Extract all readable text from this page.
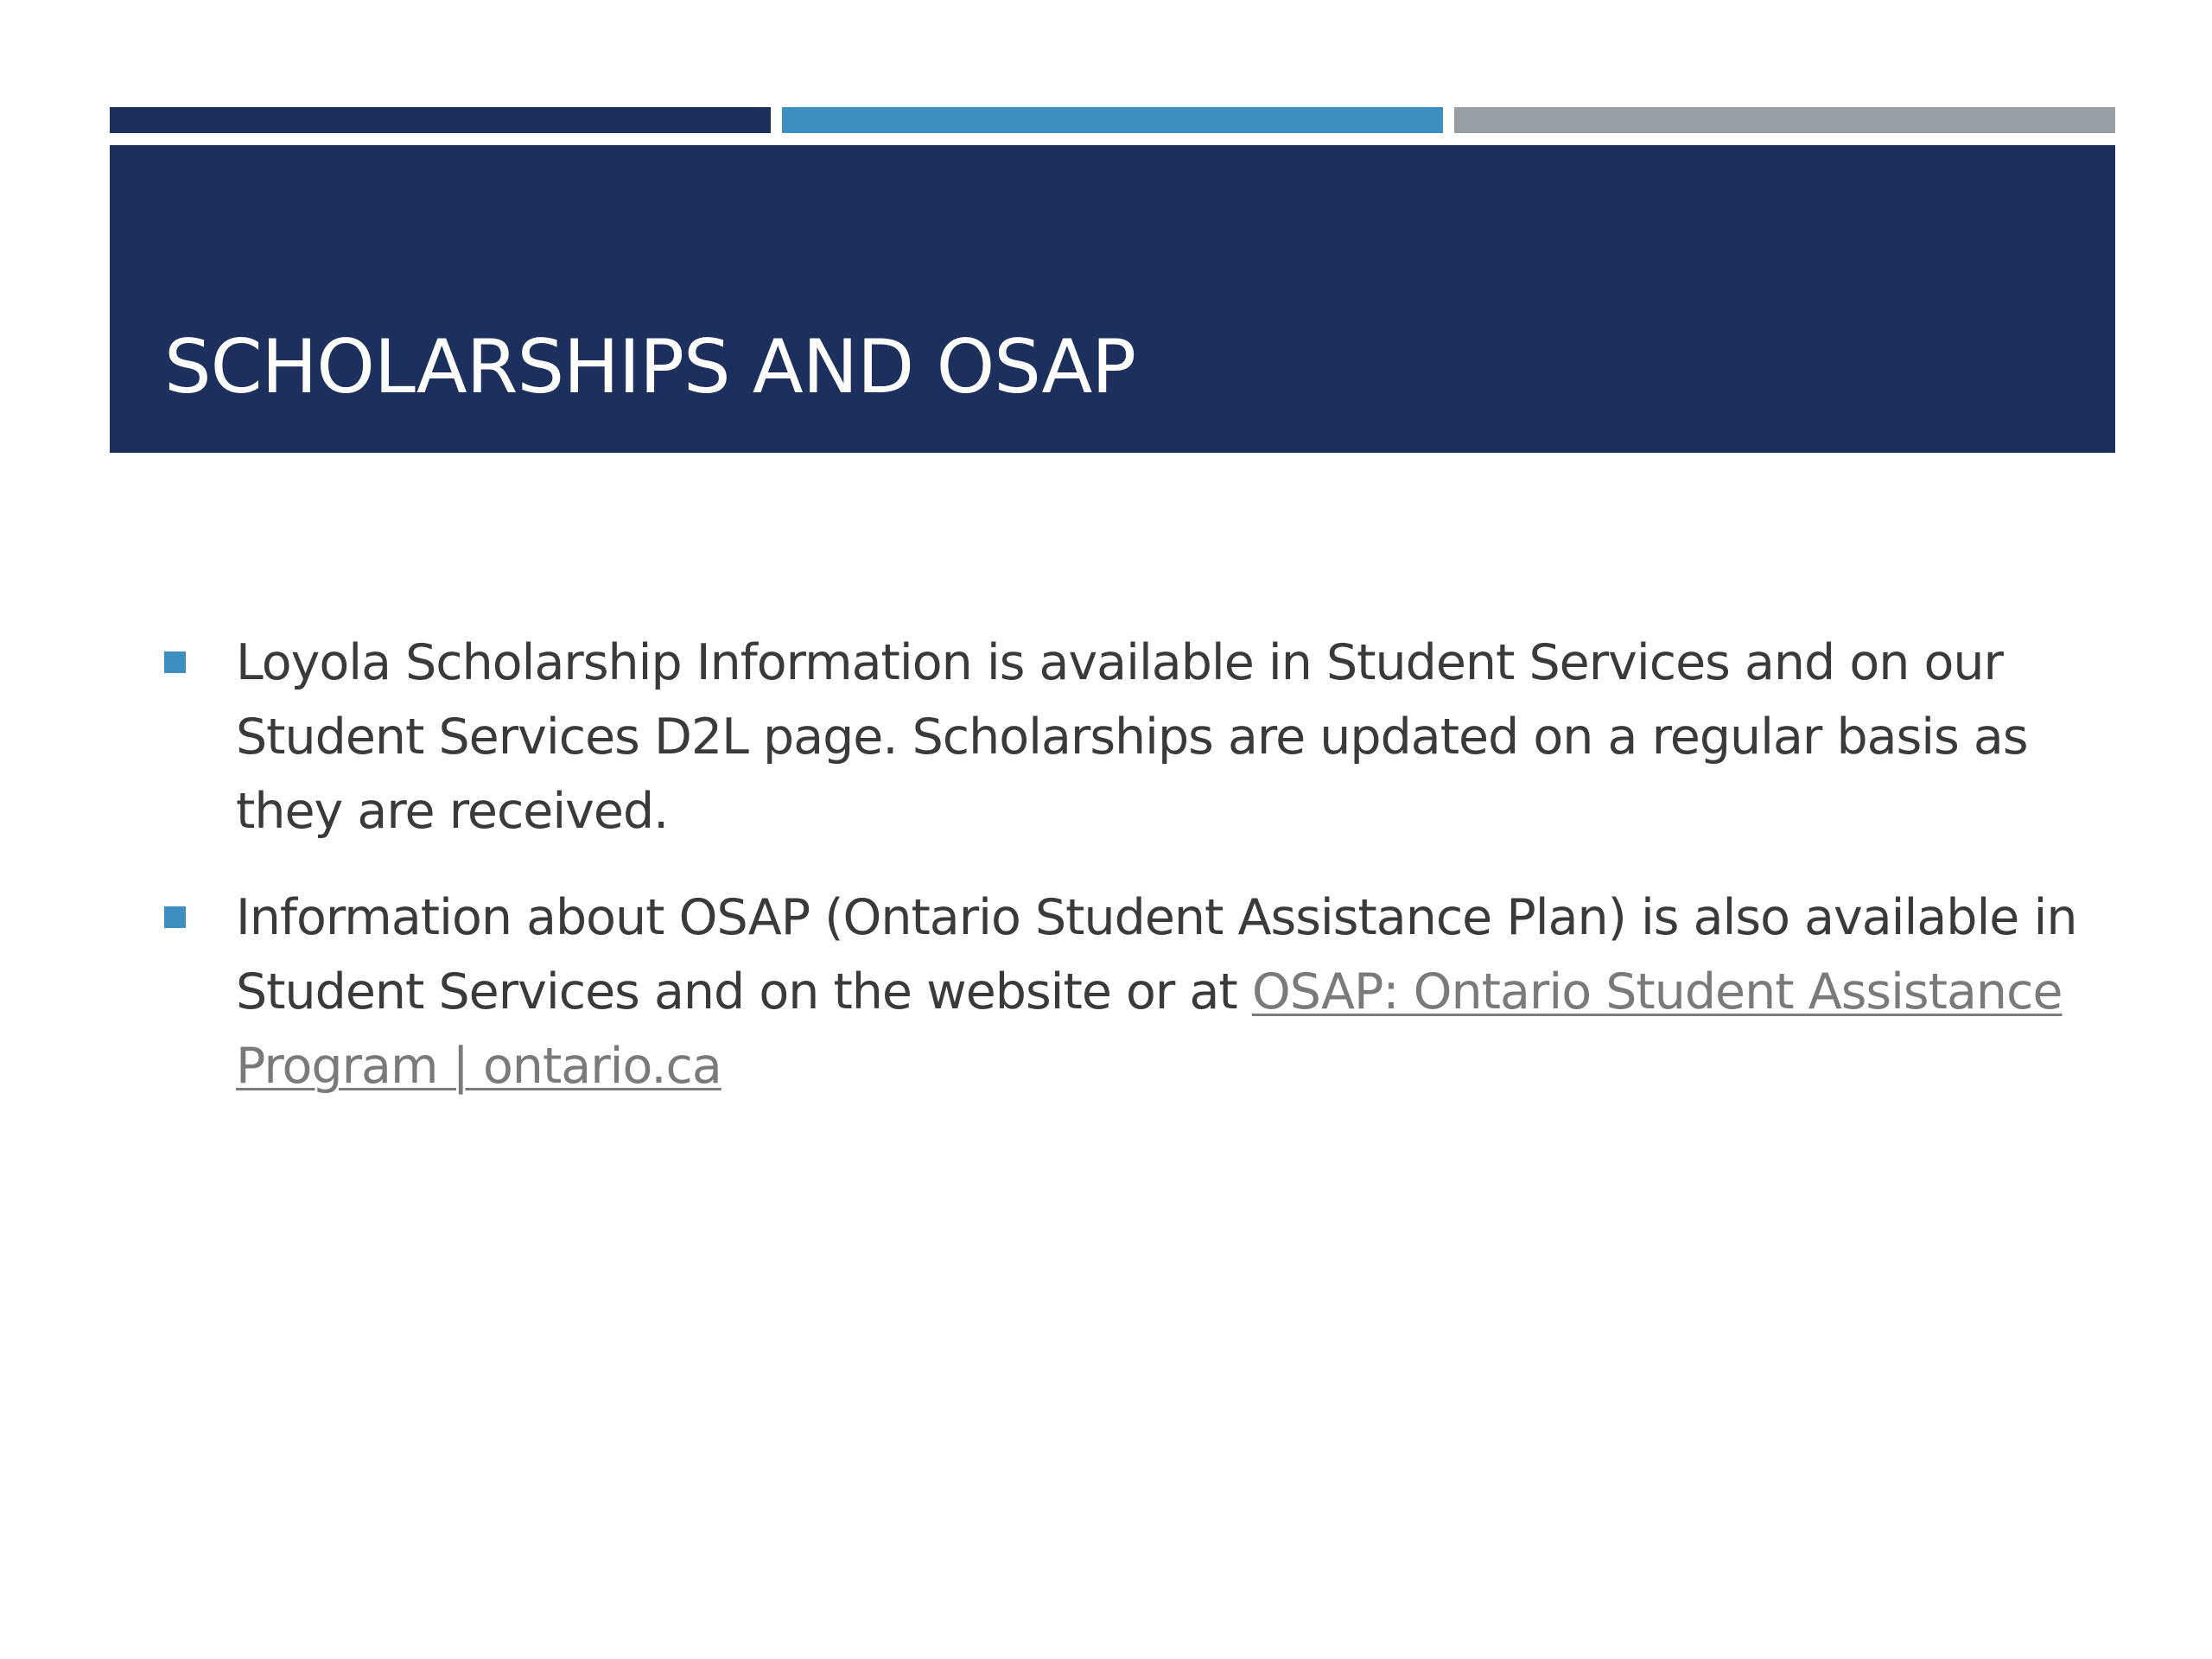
SCHOLARSHIPS AND OSAP
Loyola Scholarship Information is available in Student Services and on our Student Services D2L page. Scholarships are updated on a regular basis as they are received.
Information about OSAP (Ontario Student Assistance Plan) is also available in Student Services and on the website or at OSAP: Ontario Student Assistance Program | ontario.ca
